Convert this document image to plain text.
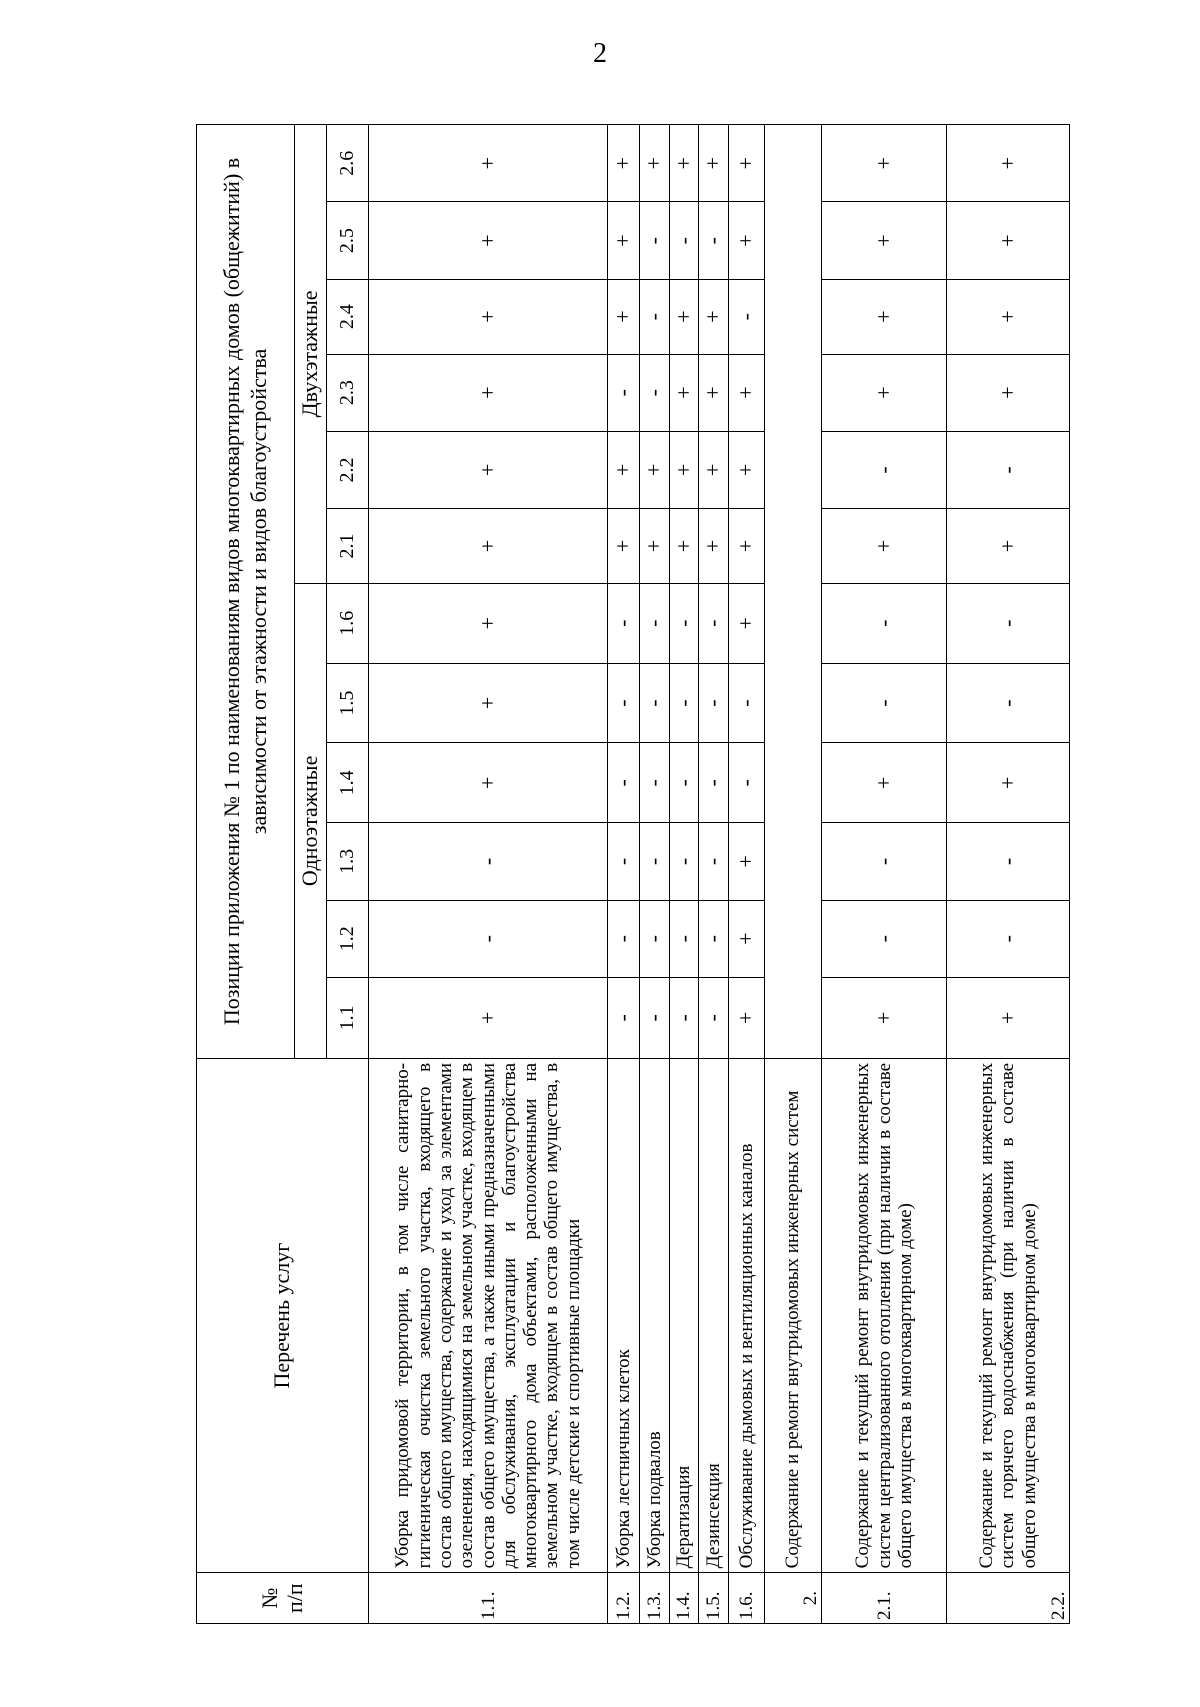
2
№
п/п	Перечень услуг	Позиции приложения № 1 по наименованиям видов многоквартирных домов (общежитий) в зависимости от этажности и видов благоустройства											
		Одноэтажные						Двухэтажные					
		1.1	1.2	1.3	1.4	1.5	1.6	2.1	2.2	2.3	2.4	2.5	2.6
1.1.	Уборка придомовой территории, в том числе санитарно-гигиеническая очистка земельного участка, входящего в состав общего имущества, содержание и уход за элементами озеленения, находящимися на земельном участке, входящем в состав общего имущества, а также иными предназначенными для обслуживания, эксплуатации и благоустройства многоквартирного дома объектами, расположенными на земельном участке, входящем в состав общего имущества, в том числе детские и спортивные площадки	+	-	-	+	+	+	+	+	+	+	+	+
1.2.	Уборка лестничных клеток	-	-	-	-	-	-	+	+	-	+	+	+
1.3.	Уборка подвалов	-	-	-	-	-	-	+	+	-	-	-	+
1.4.	Дератизация	-	-	-	-	-	-	+	+	+	+	-	+
1.5.	Дезинсекция	-	-	-	-	-	-	+	+	+	+	-	+
1.6.	Обслуживание дымовых и вентиляционных каналов	+	+	+	-	-	+	+	+	+	-	+	+
2.	Содержание и ремонт внутридомовых инженерных систем												
2.1.	Содержание и текущий ремонт внутридомовых инженерных систем централизованного отопления (при наличии в составе общего имущества в многоквартирном доме)	+	-	-	+	-	-	+	-	+	+	+	+
2.2.	Содержание и текущий ремонт внутридомовых инженерных систем горячего водоснабжения (при наличии в составе общего имущества в многоквартирном доме)	+	-	-	+	-	-	+	-	+	+	+	+
